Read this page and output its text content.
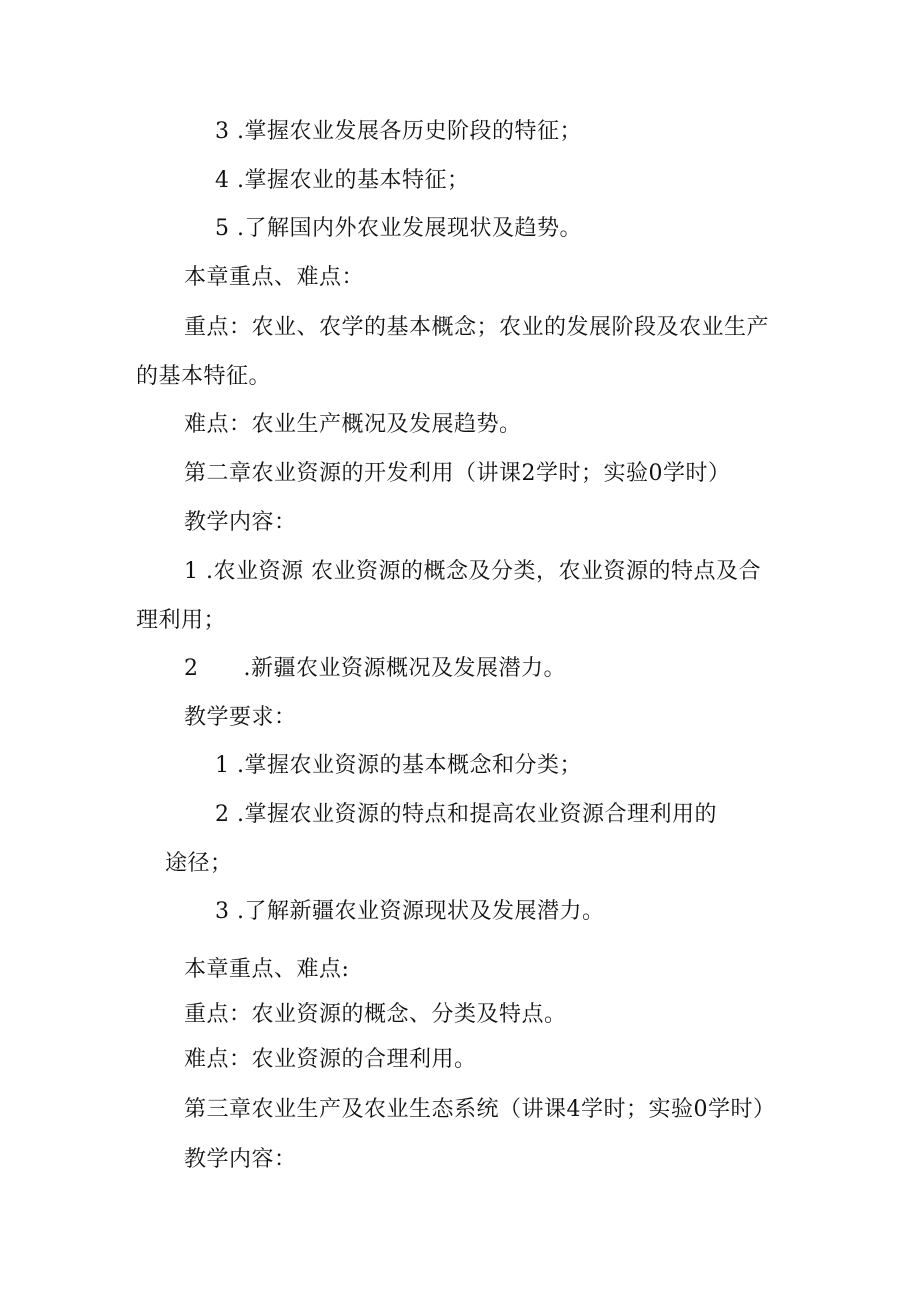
3 .掌握农业发展各历史阶段的特征；
4 .掌握农业的基本特征；
5 .了解国内外农业发展现状及趋势。
本章重点、难点：
重点：农业、农学的基本概念；农业的发展阶段及农业生产
的基本特征。
难点：农业生产概况及发展趋势。
第二章农业资源的开发利用（讲课2学时；实验0学时）
教学内容：
1 .农业资源 农业资源的概念及分类，农业资源的特点及合
理利用；
2　　.新疆农业资源概况及发展潜力。
教学要求：
1 .掌握农业资源的基本概念和分类；
2 .掌握农业资源的特点和提高农业资源合理利用的
途径；
3 .了解新疆农业资源现状及发展潜力。
本章重点、难点:
重点：农业资源的概念、分类及特点。
难点：农业资源的合理利用。
第三章农业生产及农业生态系统（讲课4学时；实验0学时）
教学内容：
